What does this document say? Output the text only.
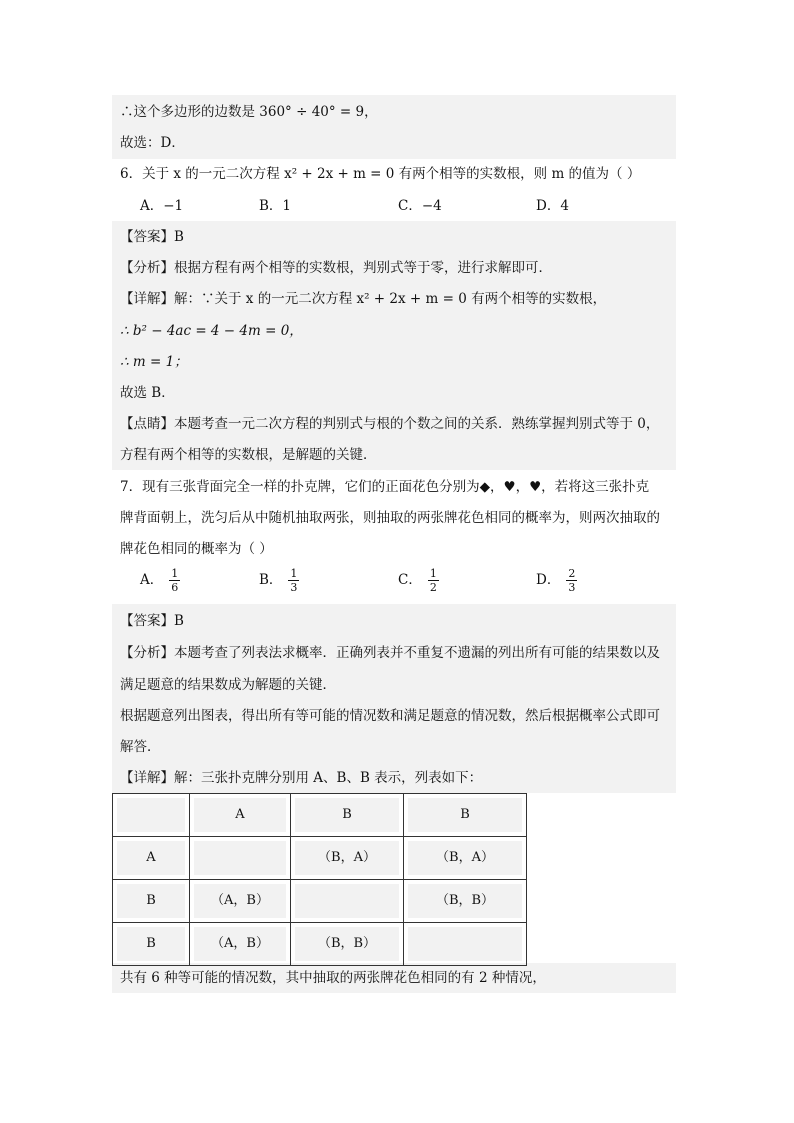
∴这个多边形的边数是 360° ÷ 40° = 9，
故选：D．
6．关于 x 的一元二次方程 x² + 2x + m = 0 有两个相等的实数根，则 m 的值为（ ）
A．−1	B．1	C．−4	D．4
【答案】B
【分析】根据方程有两个相等的实数根，判别式等于零，进行求解即可．
【详解】解：∵关于 x 的一元二次方程 x² + 2x + m = 0 有两个相等的实数根，
∴ b² − 4ac = 4 − 4m = 0，
∴ m = 1；
故选 B．
【点睛】本题考查一元二次方程的判别式与根的个数之间的关系．熟练掌握判别式等于 0，
方程有两个相等的实数根，是解题的关键．
7．现有三张背面完全一样的扑克牌，它们的正面花色分别为◆，♥，♥，若将这三张扑克
牌背面朝上，洗匀后从中随机抽取两张，则抽取的两张牌花色相同的概率为，则两次抽取的
牌花色相同的概率为（ ）
A． $\frac{1}{6}$	B． $\frac{1}{3}$	C． $\frac{1}{2}$	D． $\frac{2}{3}$
【答案】B
【分析】本题考查了列表法求概率．正确列表并不重复不遗漏的列出所有可能的结果数以及
满足题意的结果数成为解题的关键．
根据题意列出图表，得出所有等可能的情况数和满足题意的情况数，然后根据概率公式即可
解答．
【详解】解：三张扑克牌分别用 A、B、B 表示，列表如下：

	A	B	B

A		（B，A）	（B，A）

B	（A，B）		（B，B）

B	（A，B）	（B，B）	

共有 6 种等可能的情况数，其中抽取的两张牌花色相同的有 2 种情况，
